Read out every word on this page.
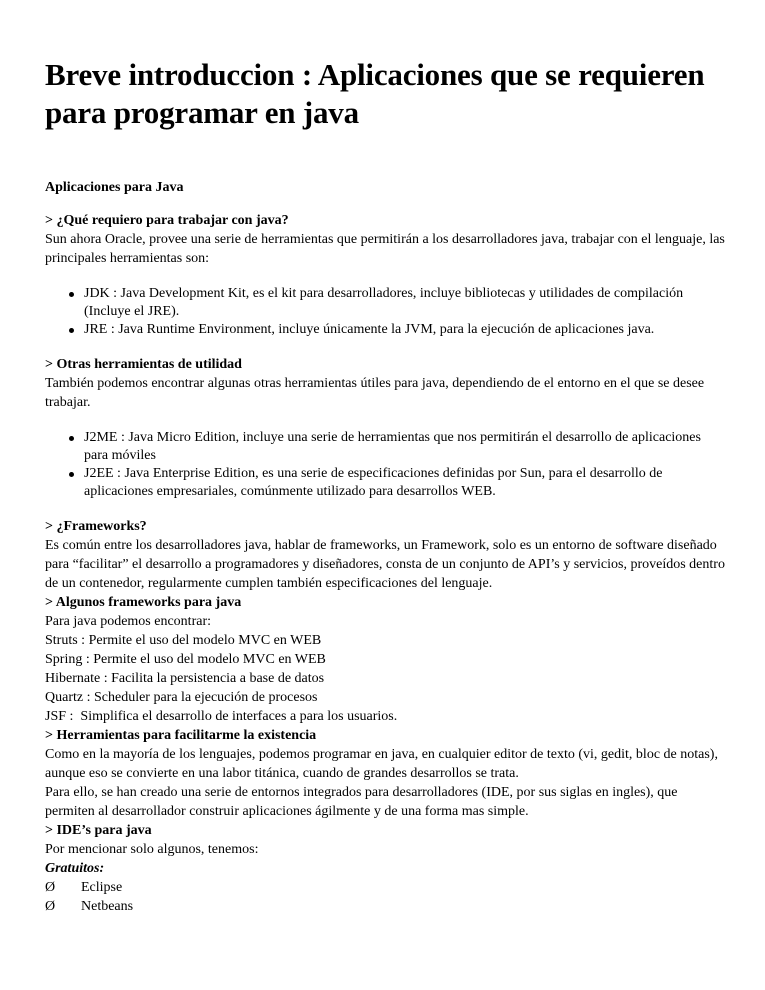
Breve introduccion : Aplicaciones que se requieren para programar en java
Aplicaciones para Java
> ¿Qué requiero para trabajar con java?

Sun ahora Oracle, provee una serie de herramientas que permitirán a los desarrolladores java, trabajar con el lenguaje, las principales herramientas son:

JDK : Java Development Kit, es el kit para desarrolladores, incluye bibliotecas y utilidades de compilación (Incluye el JRE).
JRE : Java Runtime Environment, incluye únicamente la JVM, para la ejecución de aplicaciones java.
> Otras herramientas de utilidad

También podemos encontrar algunas otras herramientas útiles para java, dependiendo de el entorno en el que se desee trabajar.

J2ME : Java Micro Edition, incluye una serie de herramientas que nos permitirán el desarrollo de aplicaciones para móviles
J2EE : Java Enterprise Edition, es una serie de especificaciones definidas por Sun, para el desarrollo de aplicaciones empresariales, comúnmente utilizado para desarrollos WEB.
> ¿Frameworks?

Es común entre los desarrolladores java, hablar de frameworks, un Framework, solo es un entorno de software diseñado para “facilitar” el desarrollo a programadores y diseñadores, consta de un conjunto de API’s y servicios, proveídos dentro de un contenedor, regularmente cumplen también especificaciones del lenguaje.

> Algunos frameworks para java
Para java podemos encontrar:
Struts : Permite el uso del modelo MVC en WEB
Spring : Permite el uso del modelo MVC en WEB
Hibernate : Facilita la persistencia a base de datos
Quartz : Scheduler para la ejecución de procesos
JSF :  Simplifica el desarrollo de interfaces a para los usuarios.
> Herramientas para facilitarme la existencia

Como en la mayoría de los lenguajes, podemos programar en java, en cualquier editor de texto (vi, gedit, bloc de notas), aunque eso se convierte en una labor titánica, cuando de grandes desarrollos se trata.

Para ello, se han creado una serie de entornos integrados para desarrolladores (IDE, por sus siglas en ingles), que permiten al desarrollador construir aplicaciones ágilmente y de una forma mas simple.

> IDE’s para java
Por mencionar solo algunos, tenemos:
Gratuitos:
Ø	Eclipse
Ø	Netbeans
